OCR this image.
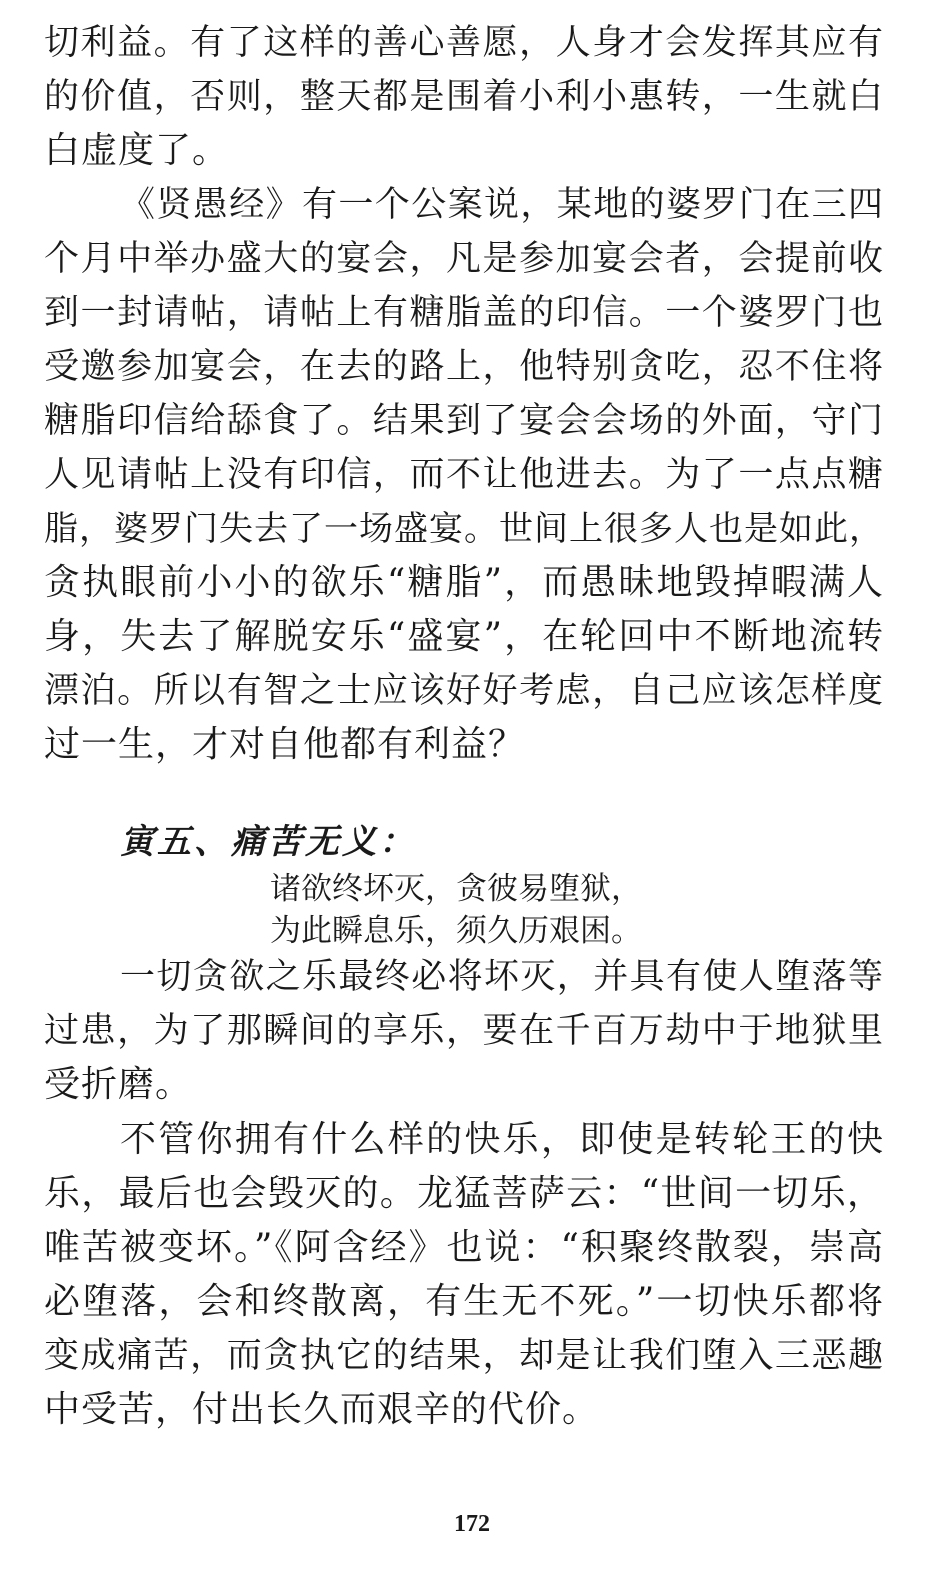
切利益。有了这样的善心善愿，人身才会发挥其应有
的价值，否则，整天都是围着小利小惠转，一生就白
白虚度了。
《贤愚经》有一个公案说，某地的婆罗门在三四
个月中举办盛大的宴会，凡是参加宴会者，会提前收
到一封请帖，请帖上有糖脂盖的印信。一个婆罗门也
受邀参加宴会，在去的路上，他特别贪吃，忍不住将
糖脂印信给舔食了。结果到了宴会会场的外面，守门
人见请帖上没有印信，而不让他进去。为了一点点糖
脂，婆罗门失去了一场盛宴。世间上很多人也是如此，
贪执眼前小小的欲乐“糖脂”，而愚昧地毁掉暇满人
身，失去了解脱安乐“盛宴”，在轮回中不断地流转
漂泊。所以有智之士应该好好考虑，自己应该怎样度
过一生，才对自他都有利益？
寅五、痛苦无义：
诸欲终坏灭，贪彼易堕狱，
为此瞬息乐，须久历艰困。
一切贪欲之乐最终必将坏灭，并具有使人堕落等
过患，为了那瞬间的享乐，要在千百万劫中于地狱里
受折磨。
不管你拥有什么样的快乐，即使是转轮王的快
乐，最后也会毁灭的。龙猛菩萨云：“世间一切乐，
唯苦被变坏。”《阿含经》也说：“积聚终散裂，崇高
必堕落，会和终散离，有生无不死。”一切快乐都将
变成痛苦，而贪执它的结果，却是让我们堕入三恶趣
中受苦，付出长久而艰辛的代价。
172
